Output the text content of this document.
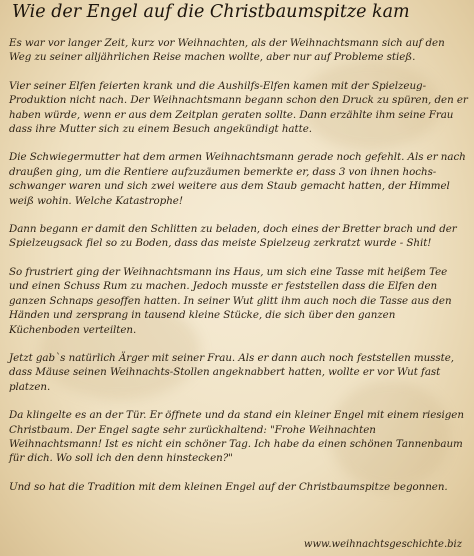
Wie der Engel auf die Christbaumspitze kam

Es war vor langer Zeit, kurz vor Weihnachten, als der Weihnachtsmann sich auf den Weg zu seiner alljährlichen Reise machen wollte, aber nur auf Probleme stieß.

Vier seiner Elfen feierten krank und die Aushilfs-Elfen kamen mit der Spielzeug-Produktion nicht nach. Der Weihnachtsmann begann schon den Druck zu spüren, den er haben würde, wenn er aus dem Zeitplan geraten sollte. Dann erzählte ihm seine Frau dass ihre Mutter sich zu einem Besuch angekündigt hatte.

Die Schwiegermutter hat dem armen Weihnachtsmann gerade noch gefehlt. Als er nach draußen ging, um die Rentiere aufzuzäumen bemerkte er, dass 3 von ihnen hochs-schwanger waren und sich zwei weitere aus dem Staub gemacht hatten, der Himmel weiß wohin. Welche Katastrophe!

Dann begann er damit den Schlitten zu beladen, doch eines der Bretter brach und der Spielzeugsack fiel so zu Boden, dass das meiste Spielzeug zerkratzt wurde - Shit!

So frustriert ging der Weihnachtsmann ins Haus, um sich eine Tasse mit heißem Tee und einen Schuss Rum zu machen. Jedoch musste er feststellen dass die Elfen den ganzen Schnaps gesoffen hatten. In seiner Wut glitt ihm auch noch die Tasse aus den Händen und zersprang in tausend kleine Stücke, die sich über den ganzen Küchenboden verteilten.

Jetzt gab`s natürlich Ärger mit seiner Frau. Als er dann auch noch feststellen musste, dass Mäuse seinen Weihnachts-Stollen angeknabbert hatten, wollte er vor Wut fast platzen.

Da klingelte es an der Tür. Er öffnete und da stand ein kleiner Engel mit einem riesigen Christbaum. Der Engel sagte sehr zurückhaltend: "Frohe Weihnachten Weihnachtsmann! Ist es nicht ein schöner Tag. Ich habe da einen schönen Tannenbaum für dich. Wo soll ich den denn hinstecken?"

Und so hat die Tradition mit dem kleinen Engel auf der Christbaumspitze begonnen.

www.weihnachtsgeschichte.biz
